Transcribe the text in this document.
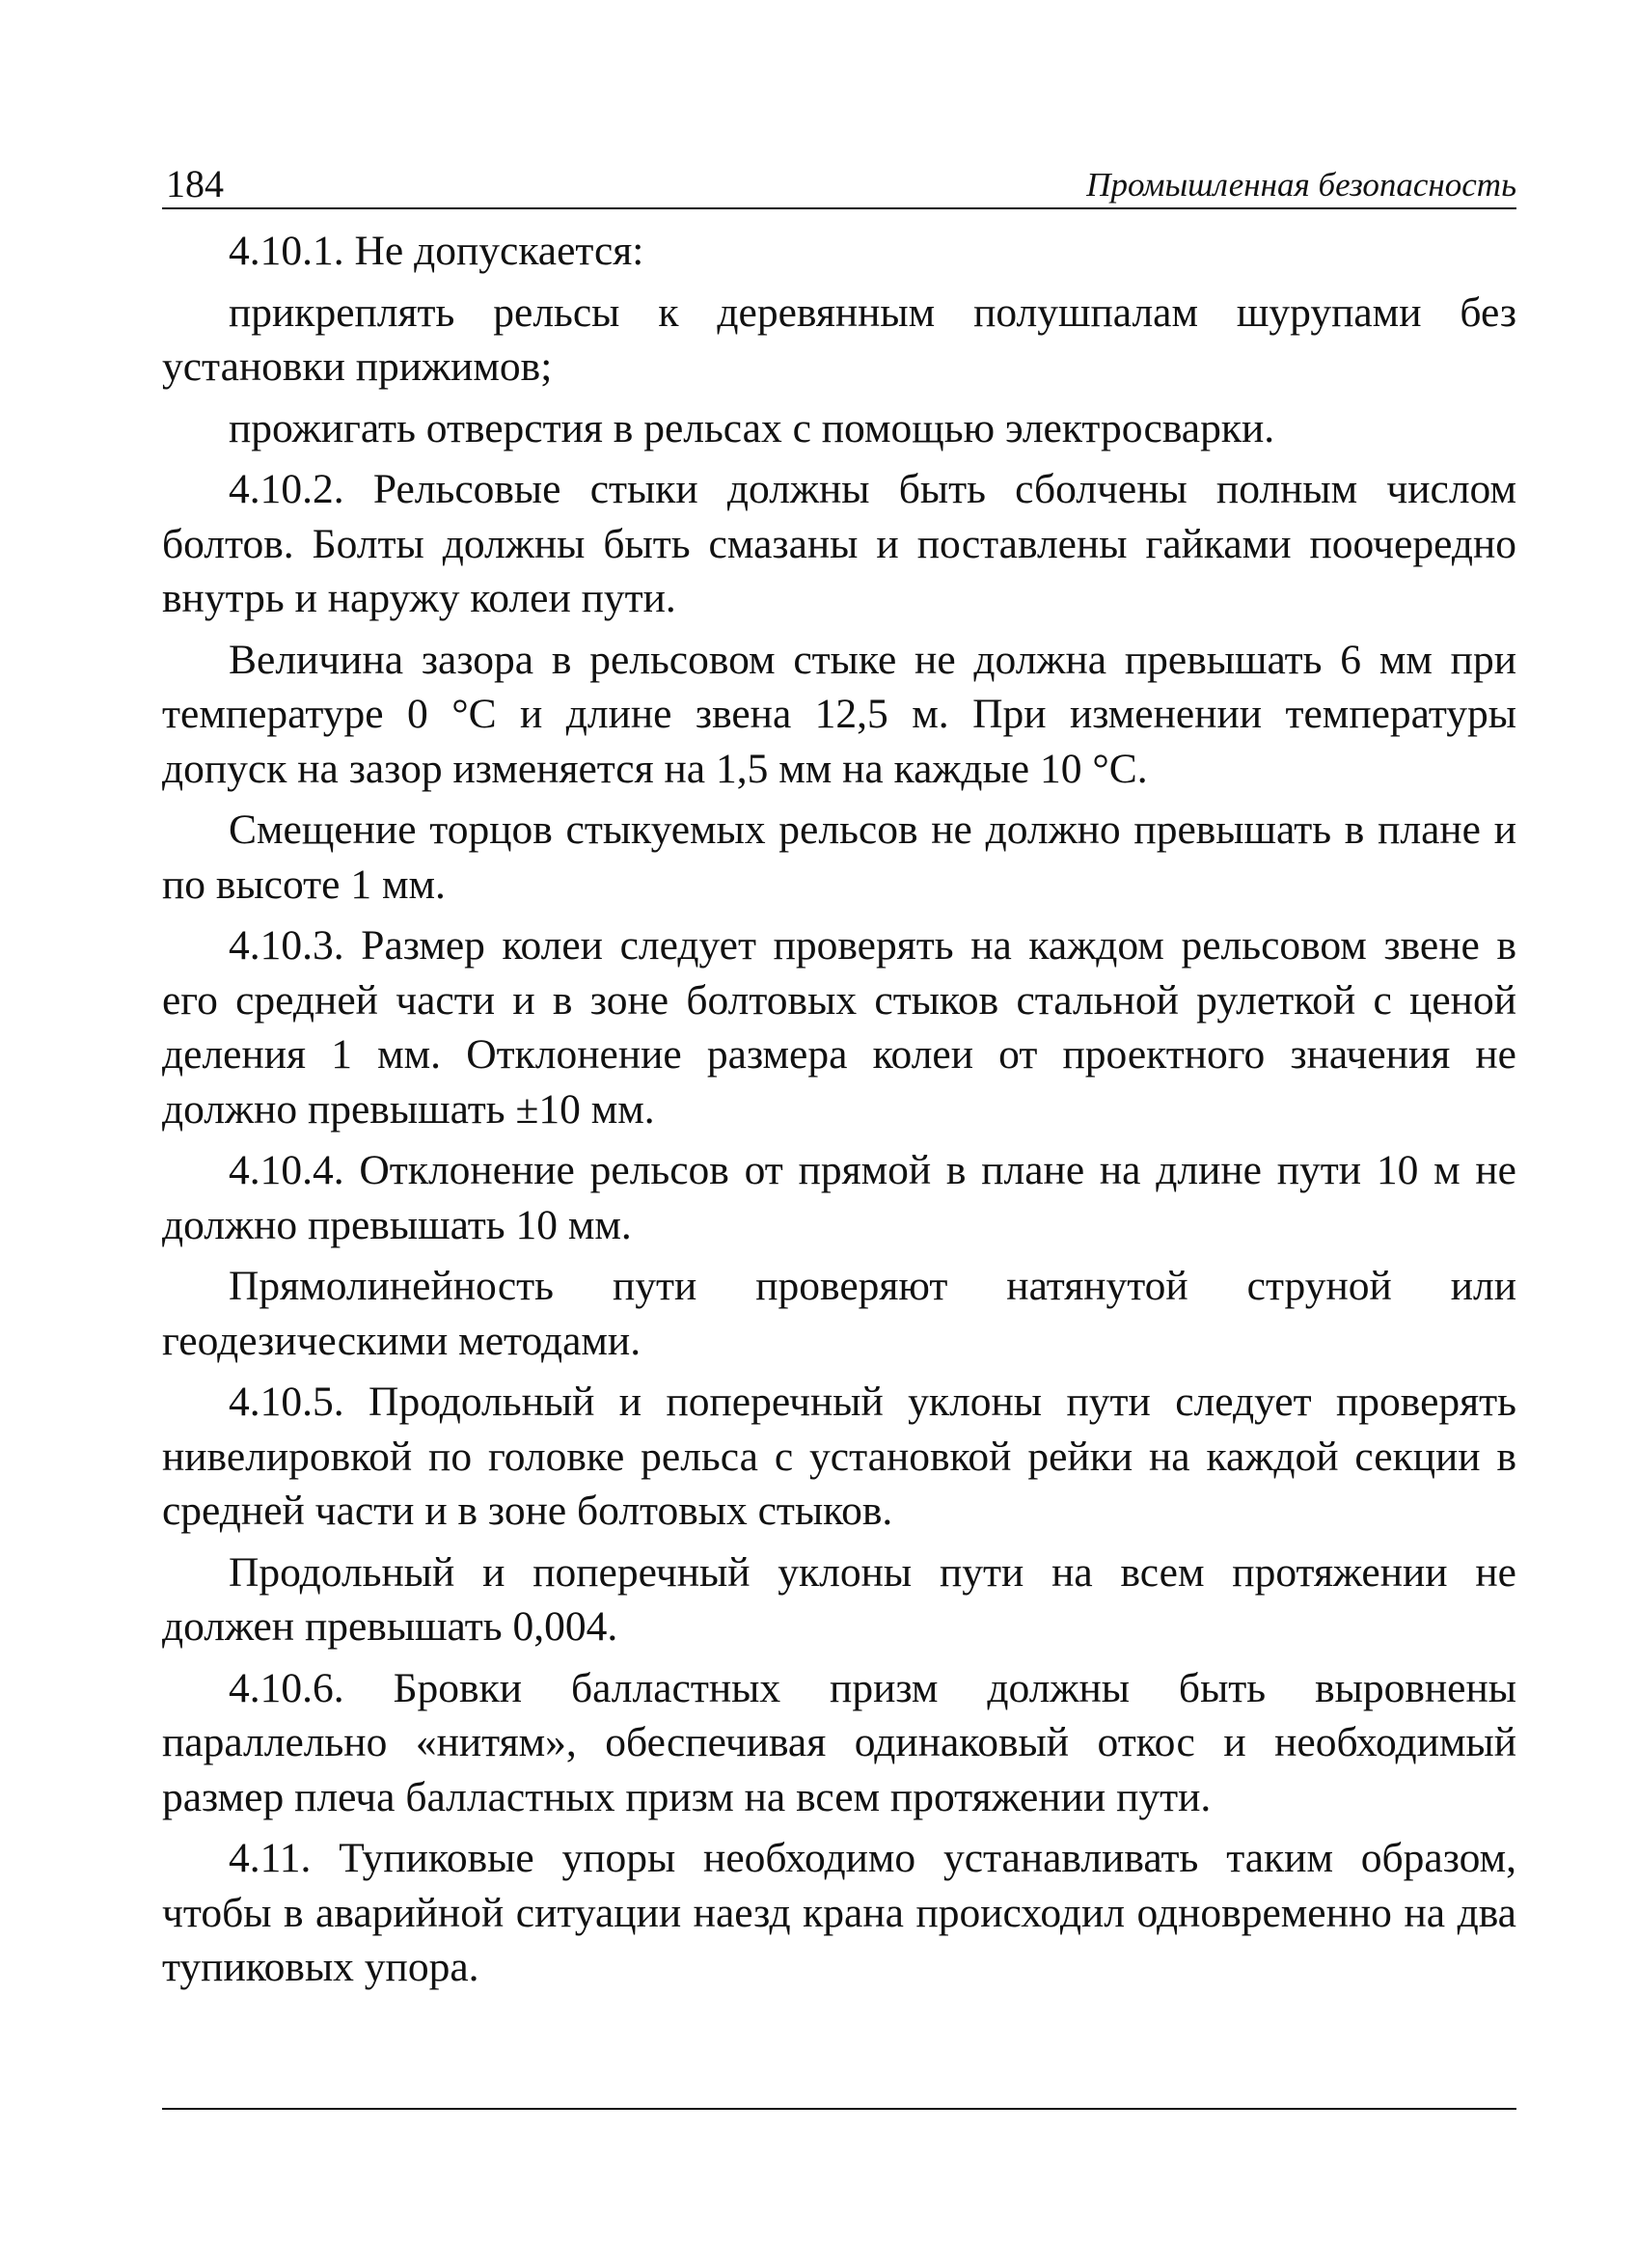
184	Промышленная безопасность

4.10.1. Не допускается:

прикреплять рельсы к деревянным полушпалам шурупами без установки прижимов;

прожигать отверстия в рельсах с помощью электросварки.

4.10.2. Рельсовые стыки должны быть сболчены полным числом болтов. Болты должны быть смазаны и поставлены гайками поочередно внутрь и наружу колеи пути.

Величина зазора в рельсовом стыке не должна превышать 6 мм при температуре 0 °C и длине звена 12,5 м. При изменении температуры допуск на зазор изменяется на 1,5 мм на каждые 10 °C.

Смещение торцов стыкуемых рельсов не должно превышать в плане и по высоте 1 мм.

4.10.3. Размер колеи следует проверять на каждом рельсовом звене в его средней части и в зоне болтовых стыков стальной рулеткой с ценой деления 1 мм. Отклонение размера колеи от проектного значения не должно превышать ±10 мм.

4.10.4. Отклонение рельсов от прямой в плане на длине пути 10 м не должно превышать 10 мм.

Прямолинейность пути проверяют натянутой струной или геодезическими методами.

4.10.5. Продольный и поперечный уклоны пути следует проверять нивелировкой по головке рельса с установкой рейки на каждой секции в средней части и в зоне болтовых стыков.

Продольный и поперечный уклоны пути на всем протяжении не должен превышать 0,004.

4.10.6. Бровки балластных призм должны быть выровнены параллельно «нитям», обеспечивая одинаковый откос и необходимый размер плеча балластных призм на всем протяжении пути.

4.11. Тупиковые упоры необходимо устанавливать таким образом, чтобы в аварийной ситуации наезд крана происходил одновременно на два тупиковых упора.
